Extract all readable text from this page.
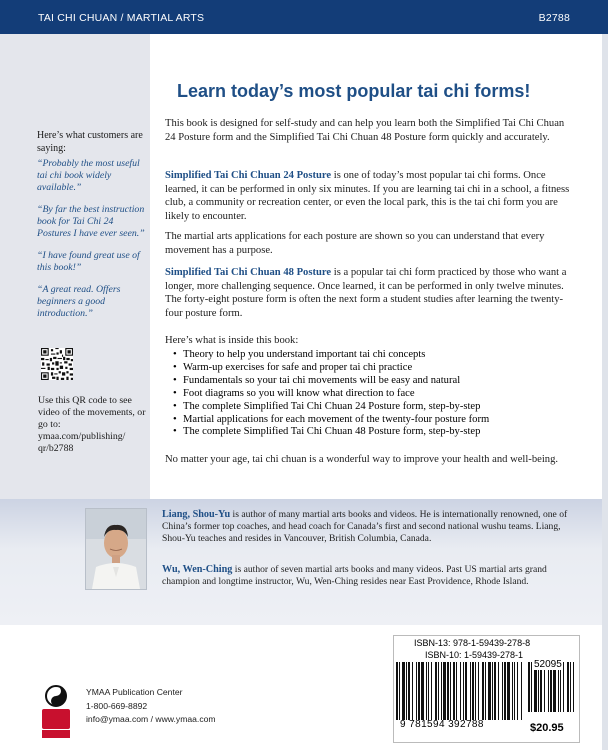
TAI CHI CHUAN / MARTIAL ARTS	B2788
Here’s what customers are saying:

“Probably the most useful tai chi book widely available.”

“By far the best instruction book for Tai Chi 24 Postures I have ever seen.”

“I have found great use of this book!”

“A great read. Offers beginners a good introduction.”

Use this QR code to see video of the movements, or go to: ymaa.com/publishing/ qr/b2788
Learn today’s most popular tai chi forms!

This book is designed for self-study and can help you learn both the Simplified Tai Chi Chuan 24 Posture form and the Simplified Tai Chi Chuan 48 Posture form quickly and accurately.

Simplified Tai Chi Chuan 24 Posture is one of today’s most popular tai chi forms. Once learned, it can be performed in only six minutes. If you are learning tai chi in a school, a fitness club, a community or recreation center, or even the local park, this is the tai chi form you are likely to encounter.

The martial arts applications for each posture are shown so you can understand that every movement has a purpose.

Simplified Tai Chi Chuan 48 Posture is a popular tai chi form practiced by those who want a longer, more challenging sequence. Once learned, it can be performed in only twelve minutes. The forty-eight posture form is often the next form a student studies after learning the twenty-four posture form.

Here’s what is inside this book:

• Theory to help you understand important tai chi concepts
• Warm-up exercises for safe and proper tai chi practice
• Fundamentals so your tai chi movements will be easy and natural
• Foot diagrams so you will know what direction to face
• The complete Simplified Tai Chi Chuan 24 Posture form, step-by-step
• Martial applications for each movement of the twenty-four posture form
• The complete Simplified Tai Chi Chuan 48 Posture form, step-by-step

No matter your age, tai chi chuan is a wonderful way to improve your health and well-being.

Liang, Shou-Yu is author of many martial arts books and videos. He is internationally renowned, one of China’s former top coaches, and head coach for Canada’s first and second national wushu teams. Liang, Shou-Yu teaches and resides in Vancouver, British Columbia, Canada.

Wu, Wen-Ching is author of seven martial arts books and many videos. Past US martial arts grand champion and longtime instructor, Wu, Wen-Ching resides near East Providence, Rhode Island.

YMAA Publication Center
1-800-669-8892
info@ymaa.com / www.ymaa.com
ISBN-13: 978-1-59439-278-8
ISBN-10: 1-59439-278-1
52095
9 781594 392788	$20.95
